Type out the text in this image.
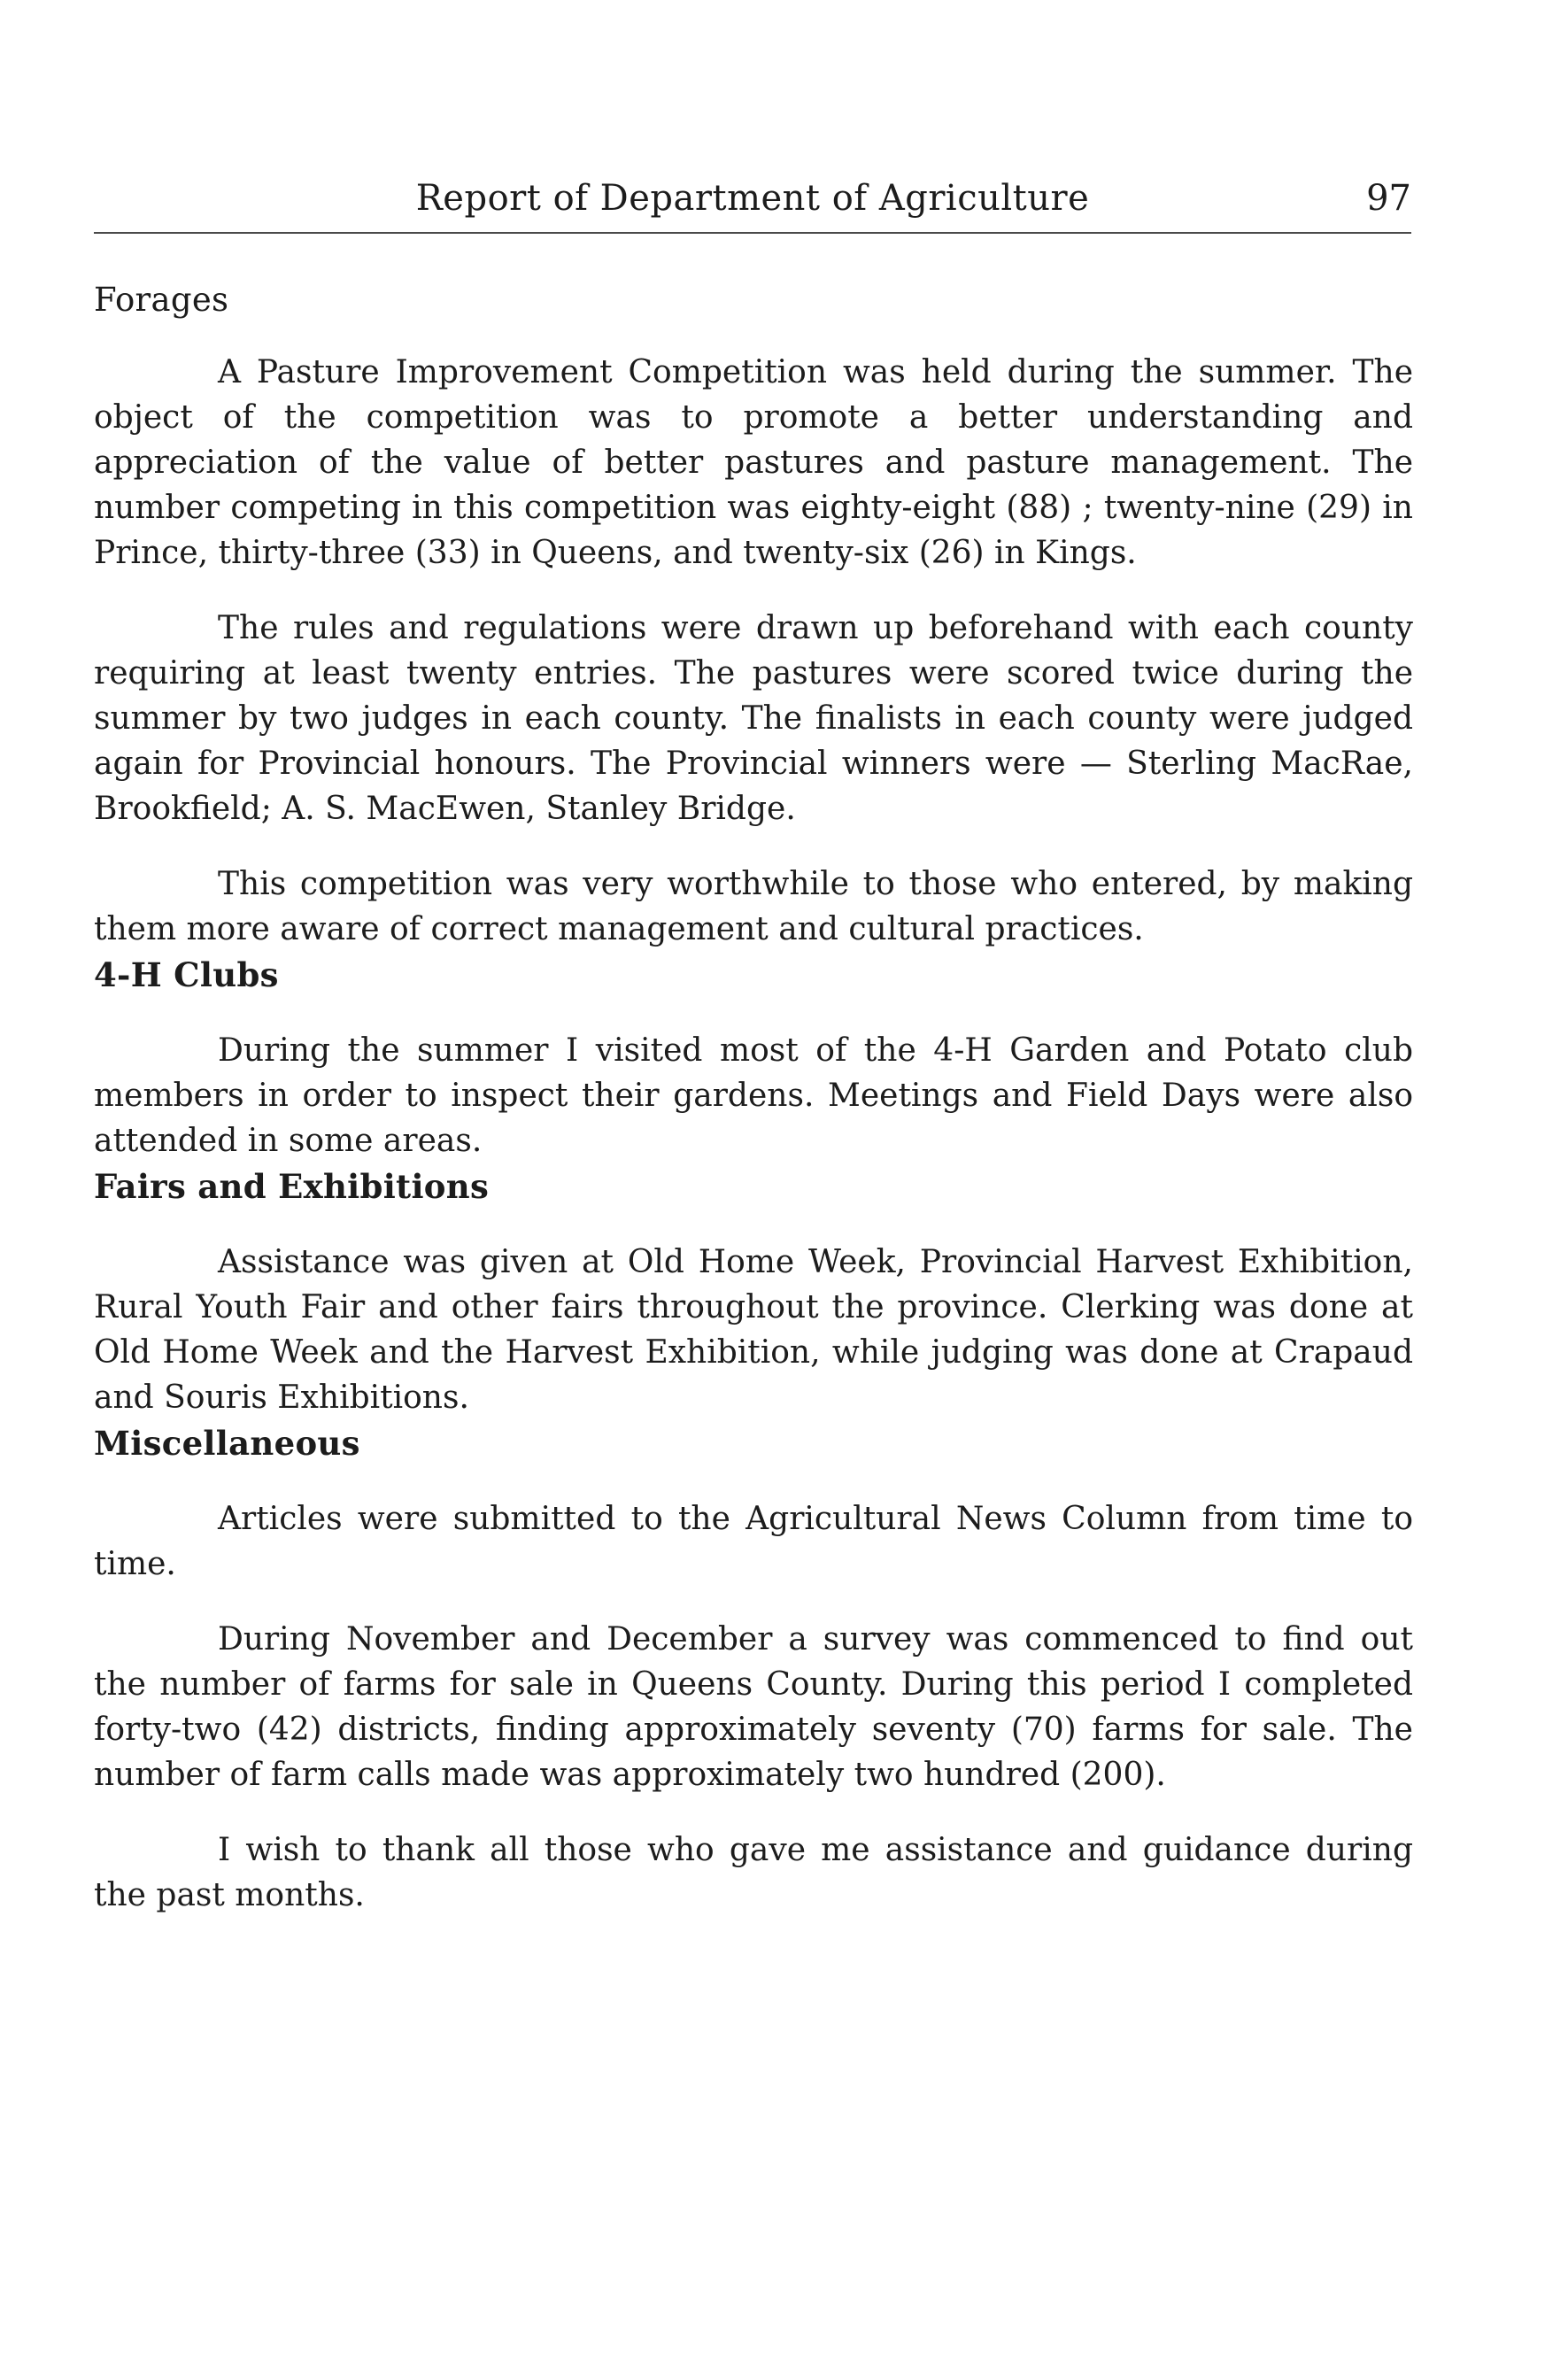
Report of Department of Agriculture	97
Forages

A Pasture Improvement Competition was held during the summer. The object of the competition was to promote a better understanding and appreciation of the value of better pastures and pasture management. The number competing in this competition was eighty-eight (88) ; twenty-nine (29) in Prince, thirty-three (33) in Queens, and twenty-six (26) in Kings.

The rules and regulations were drawn up beforehand with each county requiring at least twenty entries. The pastures were scored twice during the summer by two judges in each county. The finalists in each county were judged again for Provincial honours. The Provincial winners were — Sterling MacRae, Brookfield; A. S. MacEwen, Stanley Bridge.

This competition was very worthwhile to those who entered, by making them more aware of correct management and cultural practices.

4-H Clubs

During the summer I visited most of the 4-H Garden and Potato club members in order to inspect their gardens. Meetings and Field Days were also attended in some areas.

Fairs and Exhibitions

Assistance was given at Old Home Week, Provincial Harvest Exhibition, Rural Youth Fair and other fairs throughout the province. Clerking was done at Old Home Week and the Harvest Exhibition, while judging was done at Crapaud and Souris Exhibitions.

Miscellaneous

Articles were submitted to the Agricultural News Column from time to time.

During November and December a survey was commenced to find out the number of farms for sale in Queens County. During this period I completed forty-two (42) districts, finding approximately seventy (70) farms for sale. The number of farm calls made was approximately two hundred (200).

I wish to thank all those who gave me assistance and guidance during the past months.
